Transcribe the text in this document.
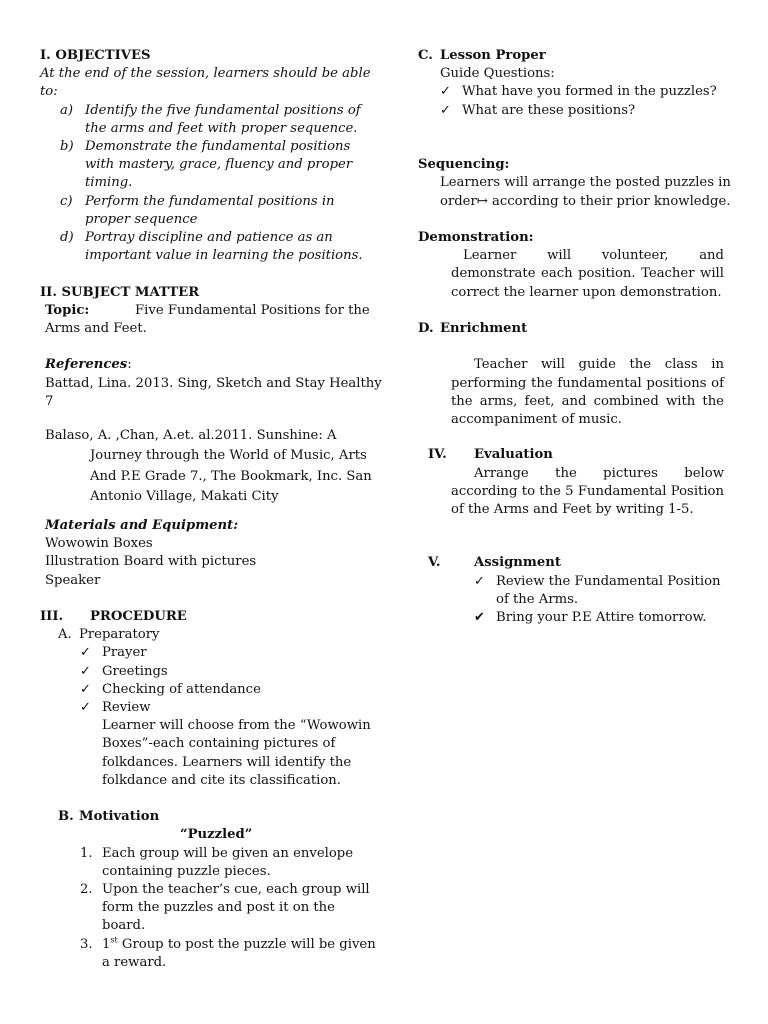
I. OBJECTIVES
At the end of the session, learners should be able
to:
a) Identify the five fundamental positions of
the arms and feet with proper sequence.
b) Demonstrate the fundamental positions
with mastery, grace, fluency and proper
timing.
c) Perform the fundamental positions in
proper sequence
d) Portray discipline and patience as an
important value in learning the positions.
II. SUBJECT MATTER
Topic:	Five Fundamental Positions for the
Arms and Feet.
References:
Battad, Lina. 2013. Sing, Sketch and Stay Healthy
7
Balaso, A. ,Chan, A.et. al.2011. Sunshine: A
Journey through the World of Music, Arts
And P.E Grade 7., The Bookmark, Inc. San
Antonio Village, Makati City
Materials and Equipment:
Wowowin Boxes
Illustration Board with pictures
Speaker
III. PROCEDURE
A. Preparatory
✓ Prayer
✓ Greetings
✓ Checking of attendance
✓ Review
Learner will choose from the “Wowowin
Boxes”-each containing pictures of
folkdances. Learners will identify the
folkdance and cite its classification.
B. Motivation
“Puzzled”
1. Each group will be given an envelope
containing puzzle pieces.
2. Upon the teacher’s cue, each group will
form the puzzles and post it on the
board.
3. 1st Group to post the puzzle will be given
a reward.
C. Lesson Proper
Guide Questions:
✓ What have you formed in the puzzles?
✓ What are these positions?
Sequencing:
Learners will arrange the posted puzzles in
order↦ according to their prior knowledge.
Demonstration:
Learner will volunteer, and demonstrate each position. Teacher will correct the learner upon demonstration.
D. Enrichment
Teacher will guide the class in performing the fundamental positions of the arms, feet, and combined with the accompaniment of music.
IV. Evaluation
Arrange the pictures below according to the 5 Fundamental Position of the Arms and Feet by writing 1-5.
V.	Assignment
✓ Review the Fundamental Position
of the Arms.
✔ Bring your P.E Attire tomorrow.
